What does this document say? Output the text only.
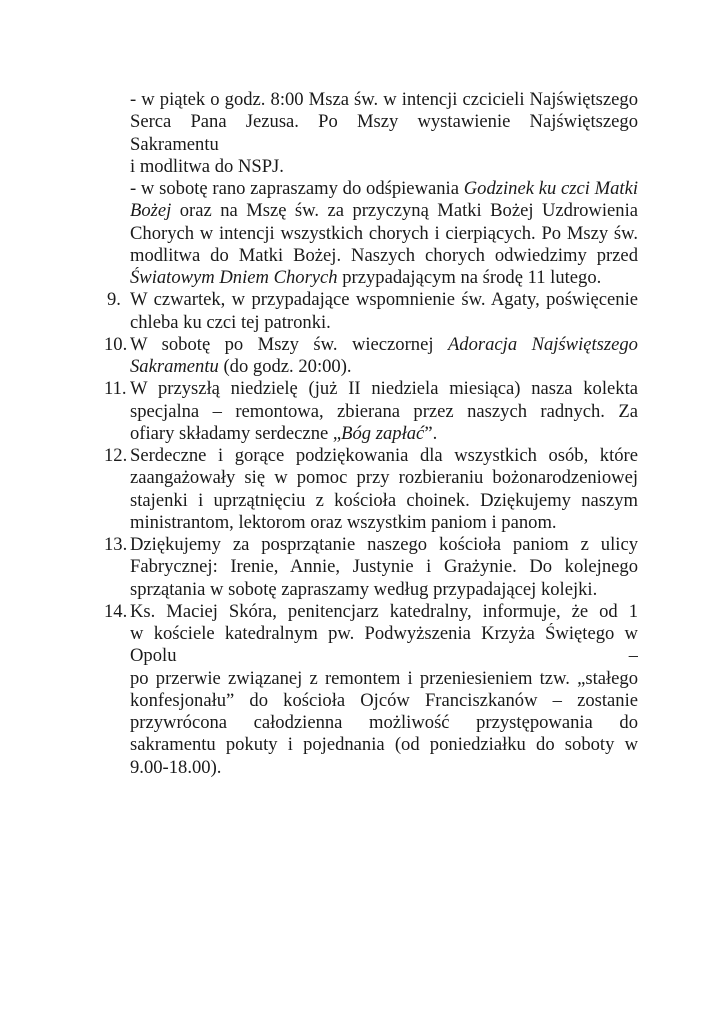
- w piątek o godz. 8:00 Msza św. w intencji czcicieli Najświętszego
Serca Pana Jezusa. Po Mszy wystawienie Najświętszego
Sakramentu
i modlitwa do NSPJ.
- w sobotę rano zapraszamy do odśpiewania Godzinek ku czci Matki
Bożej oraz na Mszę św. za przyczyną Matki Bożej Uzdrowienia
Chorych w intencji wszystkich chorych i cierpiących. Po Mszy św.
modlitwa do Matki Bożej. Naszych chorych odwiedzimy przed
Światowym Dniem Chorych przypadającym na środę 11 lutego.
9. W czwartek, w przypadające wspomnienie św. Agaty, poświęcenie
chleba ku czci tej patronki.
10. W sobotę po Mszy św. wieczornej Adoracja Najświętszego
Sakramentu (do godz. 20:00).
11. W przyszłą niedzielę (już II niedziela miesiąca) nasza kolekta
specjalna – remontowa, zbierana przez naszych radnych. Za
ofiary składamy serdeczne „Bóg zapłać”.
12. Serdeczne i gorące podziękowania dla wszystkich osób, które
zaangażowały się w pomoc przy rozbieraniu bożonarodzeniowej
stajenki i uprzątnięciu z kościoła choinek. Dziękujemy naszym
ministrantom, lektorom oraz wszystkim paniom i panom.
13. Dziękujemy za posprzątanie naszego kościoła paniom z ulicy
Fabrycznej: Irenie, Annie, Justynie i Grażynie. Do kolejnego
sprzątania w sobotę zapraszamy według przypadającej kolejki.
14. Ks. Maciej Skóra, penitencjarz katedralny, informuje, że od 1
w kościele katedralnym pw. Podwyższenia Krzyża Świętego w
Opolu –
po przerwie związanej z remontem i przeniesieniem tzw. „stałego
konfesjonału” do kościoła Ojców Franciszkanów – zostanie
przywrócona całodzienna możliwość przystępowania do
sakramentu pokuty i pojednania (od poniedziałku do soboty w
9.00-18.00).
